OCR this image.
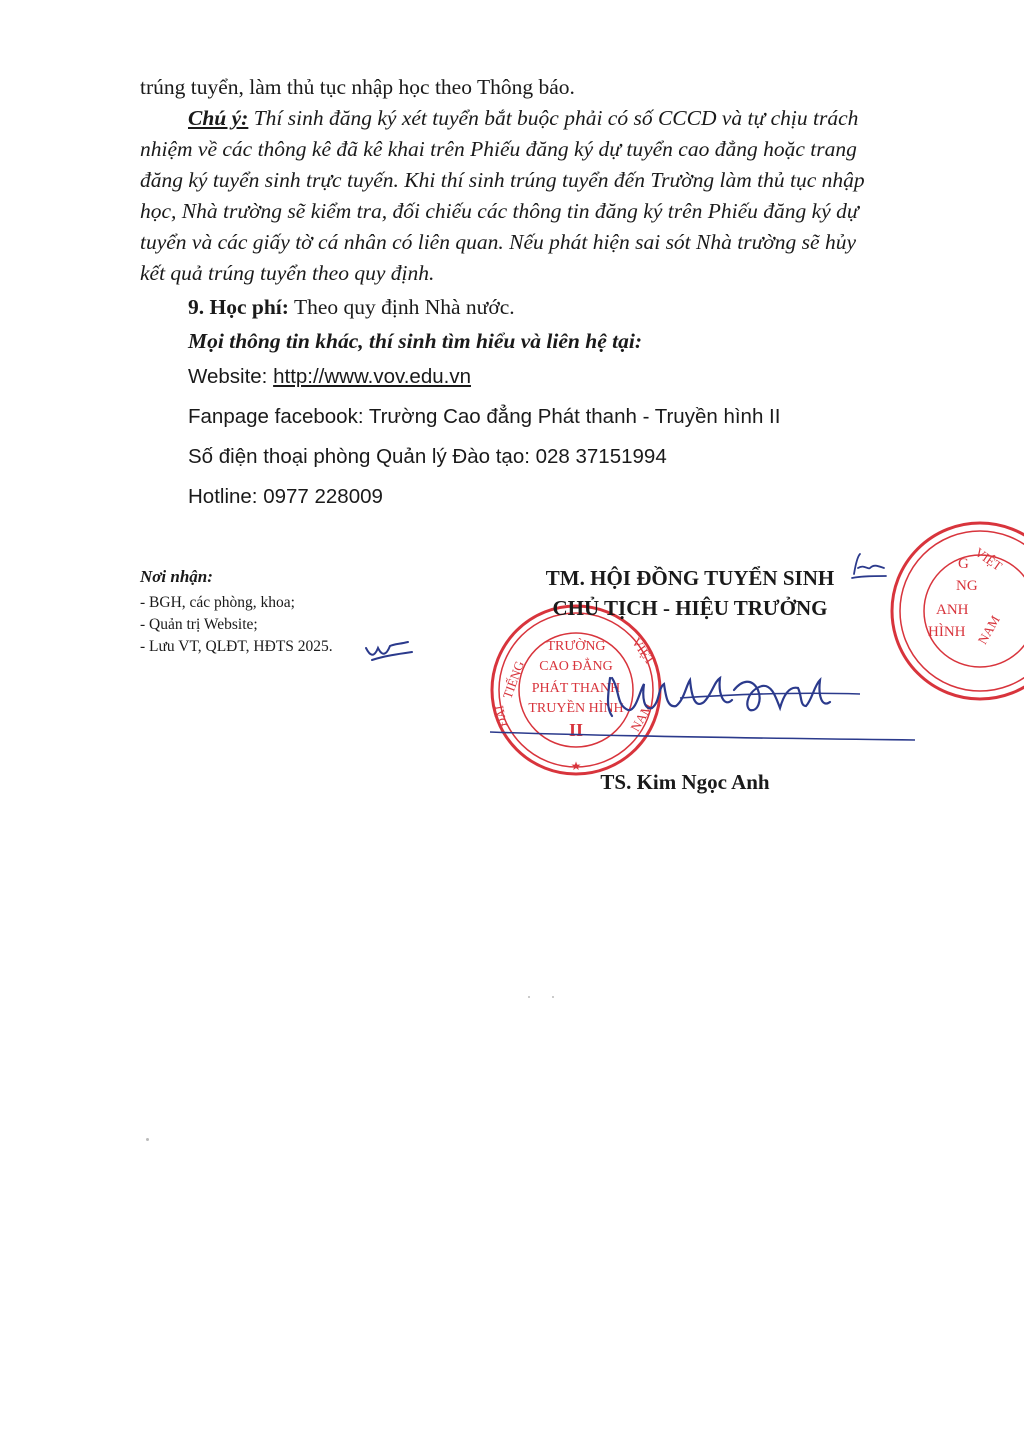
trúng tuyển, làm thủ tục nhập học theo Thông báo.
Chú ý: Thí sinh đăng ký xét tuyển bắt buộc phải có số CCCD và tự chịu trách
nhiệm về các thông kê đã kê khai trên Phiếu đăng ký dự tuyển cao đẳng hoặc trang
đăng ký tuyển sinh trực tuyến. Khi thí sinh trúng tuyển đến Trường làm thủ tục nhập
học, Nhà trường sẽ kiểm tra, đối chiếu các thông tin đăng ký trên Phiếu đăng ký dự
tuyển và các giấy tờ cá nhân có liên quan. Nếu phát hiện sai sót Nhà trường sẽ hủy
kết quả trúng tuyển theo quy định.
9. Học phí: Theo quy định Nhà nước.
Mọi thông tin khác, thí sinh tìm hiểu và liên hệ tại:
Website: http://www.vov.edu.vn
Fanpage facebook: Trường Cao đẳng Phát thanh - Truyền hình II
Số điện thoại phòng Quản lý Đào tạo: 028 37151994
Hotline: 0977 228009
Nơi nhận:
- BGH, các phòng, khoa;
- Quản trị Website;
- Lưu VT, QLĐT, HĐTS 2025.
G
NG
ANH
HÌNH
VIỆT
NAM
TIẾNG
VIỆT
NAM
ĐÀI
TRƯỜNG
CAO ĐẲNG
PHÁT THANH
TRUYỀN HÌNH
II
★
TM. HỘI ĐỒNG TUYỂN SINH
CHỦ TỊCH - HIỆU TRƯỞNG
TS. Kim Ngọc Anh
